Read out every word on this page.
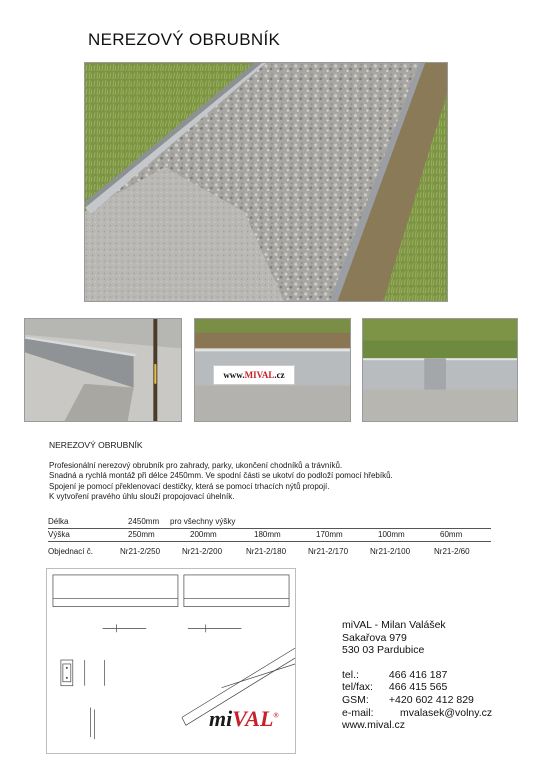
NEREZOVÝ OBRUBNÍK
www.MIVAL.cz
NEREZOVÝ OBRUBNÍK
Profesionální nerezový obrubník pro zahrady, parky, ukončení chodníků a trávníků.
Snadná a rychlá montáž při délce 2450mm. Ve spodní části se ukotví do podloží pomocí hřebíků.
Spojení je pomocí překlenovací destičky, která se pomocí trhacích nýtů propojí.
K vytvoření pravého úhlu slouží propojovací úhelník.
Délka	2450mm pro všechny výšky
Výška	250mm	200mm	180mm	170mm	100mm	60mm
Objednací č.	Nr21-2/250	Nr21-2/200	Nr21-2/180	Nr21-2/170	Nr21-2/100	Nr21-2/60
miVAL®
miVAL - Milan Valášek
Sakařova 979
530 03 Pardubice
tel.:	466 416 187
tel/fax: 466 415 565
GSM: +420 602 412 829
e-mail:	mvalasek@volny.cz
www.mival.cz
